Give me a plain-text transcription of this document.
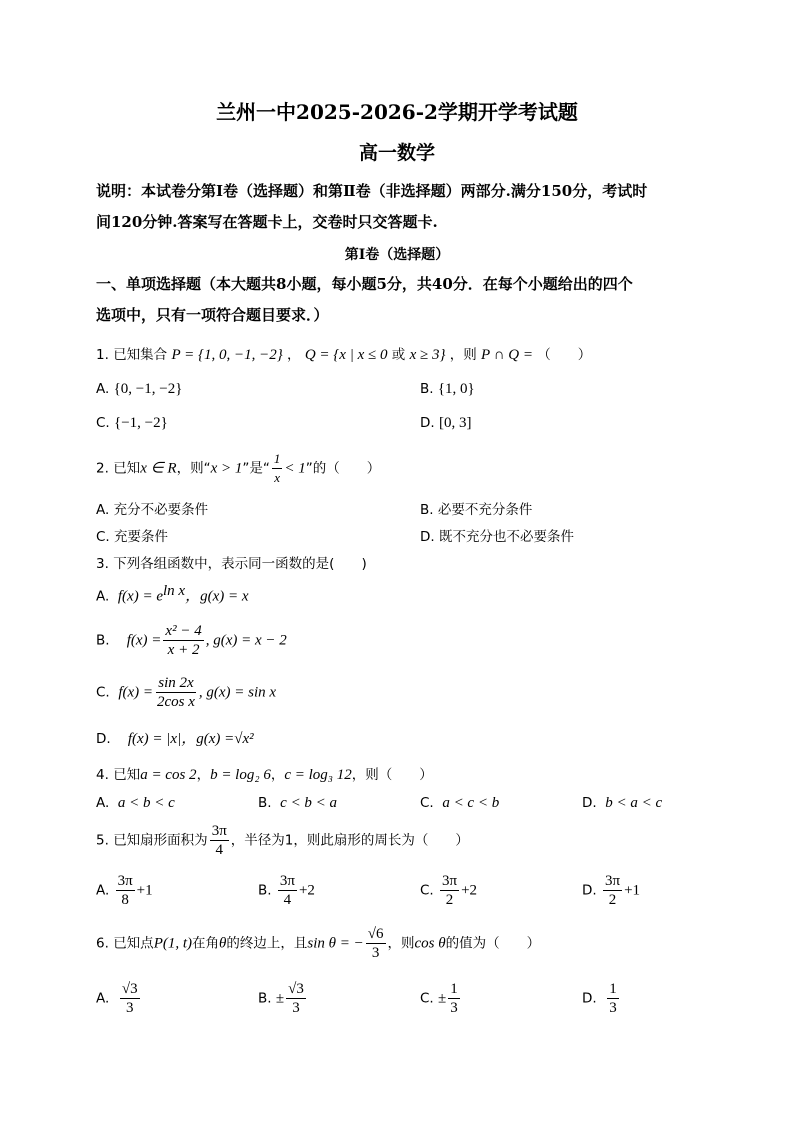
兰州一中2025-2026-2学期开学考试题
高一数学
说明：本试卷分第Ⅰ卷（选择题）和第Ⅱ卷（非选择题）两部分.满分150分，考试时
间120分钟.答案写在答题卡上，交卷时只交答题卡.
第Ⅰ卷（选择题）
一、单项选择题（本大题共8小题，每小题5分，共40分．在每个小题给出的四个
选项中，只有一项符合题目要求．）
1. 已知集合 P = {1, 0, −1, −2} ， Q = {x | x ≤ 0 或 x ≥ 3} ，则 P ∩ Q = （　　）
A. {0, −1, −2}	B. {1, 0}
C. {−1, −2}	D. [0, 3]
2. 已知x ∈ R，则“x > 1”是“ $\frac{1}{x} < 1$”的（　　）
A. 充分不必要条件	B. 必要不充分条件
C. 充要条件	D. 既不充分也不必要条件
3. 下列各组函数中，表示同一函数的是(　　)
A. $f(x) = e^{ln x}$，g(x) = x
B. $f(x) = \frac{\text{x² − 4}}{x + 2}$ , g(x) = x − 2
C. $f(x) = \frac{\sin 2x}{\text{2cos x}}$ , g(x) = sin x
D. f(x) = |x|，g(x) =√x²
4. 已知a = cos 2，b = log₂ 6，c = log₃ 12，则（　　）
A. a < b < c	B. c < b < a	C. a < c < b	D. b < a < c
5. 已知扇形面积为 $\frac{3\pi}{4}$ ，半径为1，则此扇形的周长为（　　）
A. $\frac{3\pi}{8} +1$	B. $\frac{3\pi}{4} +2$	C. $\frac{3\pi}{2} +2$	D. $\frac{3\pi}{2} +1$
6. 已知点P(1, t)在角θ的终边上，且sin θ = − $\frac{√6}{3}$ ，则cos θ的值为（　　）
A. $\frac{√3}{3}$	B. ± $\frac{√3}{3}$	C. ± $\frac{1}{3}$	D. $\frac{1}{3}$
